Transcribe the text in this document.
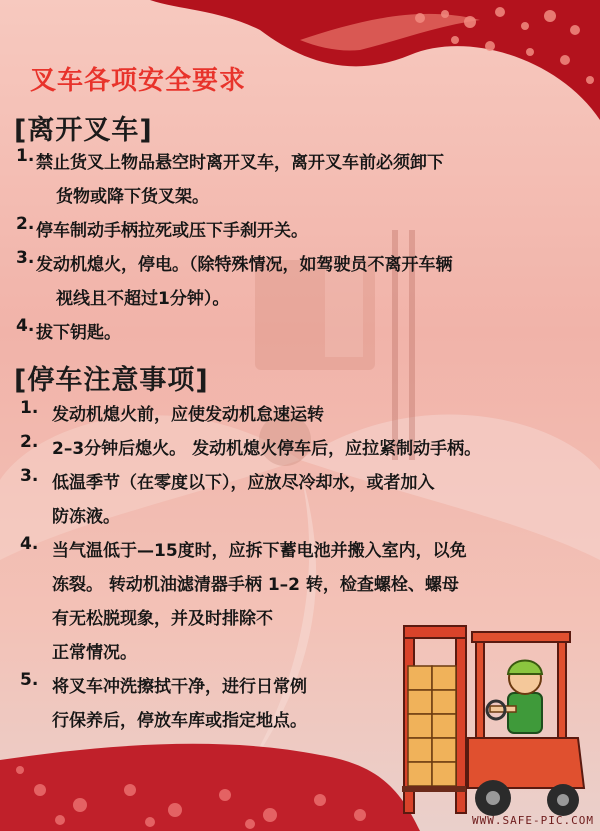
叉车各项安全要求
[离开叉车]
1. 禁止货叉上物品悬空时离开叉车，离开叉车前必须卸下
货物或降下货叉架。
2. 停车制动手柄拉死或压下手刹开关。
3. 发动机熄火，停电。（除特殊情况，如驾驶员不离开车辆
视线且不超过1分钟）。
4. 拔下钥匙。
[停车注意事项]
1. 发动机熄火前，应使发动机怠速运转
2. 2–3分钟后熄火。 发动机熄火停车后，应拉紧制动手柄。
3. 低温季节（在零度以下），应放尽冷却水，或者加入
防冻液。
4. 当气温低于—15度时，应拆下蓄电池并搬入室内，以免
冻裂。 转动机油滤清器手柄 1–2 转，检查螺栓、螺母
有无松脱现象，并及时排除不
正常情况。
5. 将叉车冲洗擦拭干净，进行日常例
行保养后，停放车库或指定地点。

WWW.SAFE-PIC.COM
